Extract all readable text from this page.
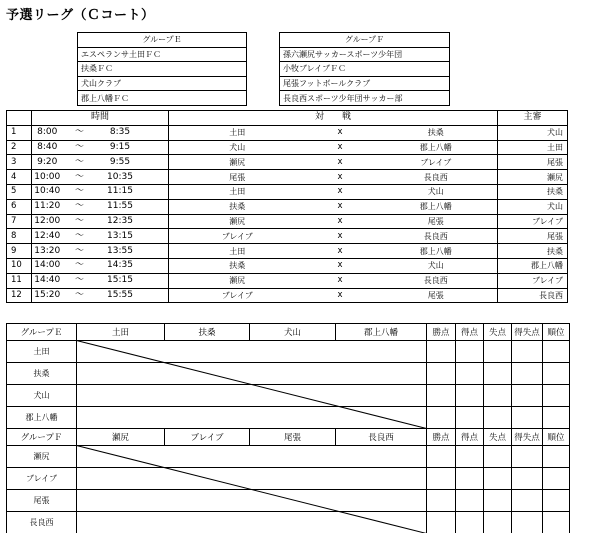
予選リーグ（Ｃコート）
グループＥ
エスペランサ土田ＦＣ
扶桑ＦＣ
犬山クラブ
郡上八幡ＦＣ
グループＦ
孫六瀬尻サッカースポーツ少年団
小牧ブレイブＦＣ
尾張フットボールクラブ
長良西スポーツ少年団サッカー部
	時間				対　　戦			主審
1	8:00	～	8:35		土田	x	扶桑	犬山
2	8:40	～	9:15		犬山	x	郡上八幡	土田
3	9:20	～	9:55		瀬尻	x	ブレイブ	尾張
4	10:00	～	10:35		尾張	x	長良西	瀬尻
5	10:40	～	11:15		土田	x	犬山	扶桑
6	11:20	～	11:55		扶桑	x	郡上八幡	犬山
7	12:00	～	12:35		瀬尻	x	尾張	ブレイブ
8	12:40	～	13:15		ブレイブ	x	長良西	尾張
9	13:20	～	13:55		土田	x	郡上八幡	扶桑
10	14:00	～	14:35		扶桑	x	犬山	郡上八幡
11	14:40	～	15:15		瀬尻	x	長良西	ブレイブ
12	15:20	～	15:55		ブレイブ	x	尾張	長良西
グループＥ	土田	扶桑	犬山	郡上八幡	勝点	得点	失点	得失点	順位
土田									
扶桑									
犬山									
郡上八幡									
グループＦ	瀬尻	ブレイブ	尾張	長良西	勝点	得点	失点	得失点	順位
瀬尻									
ブレイブ									
尾張									
長良西									
